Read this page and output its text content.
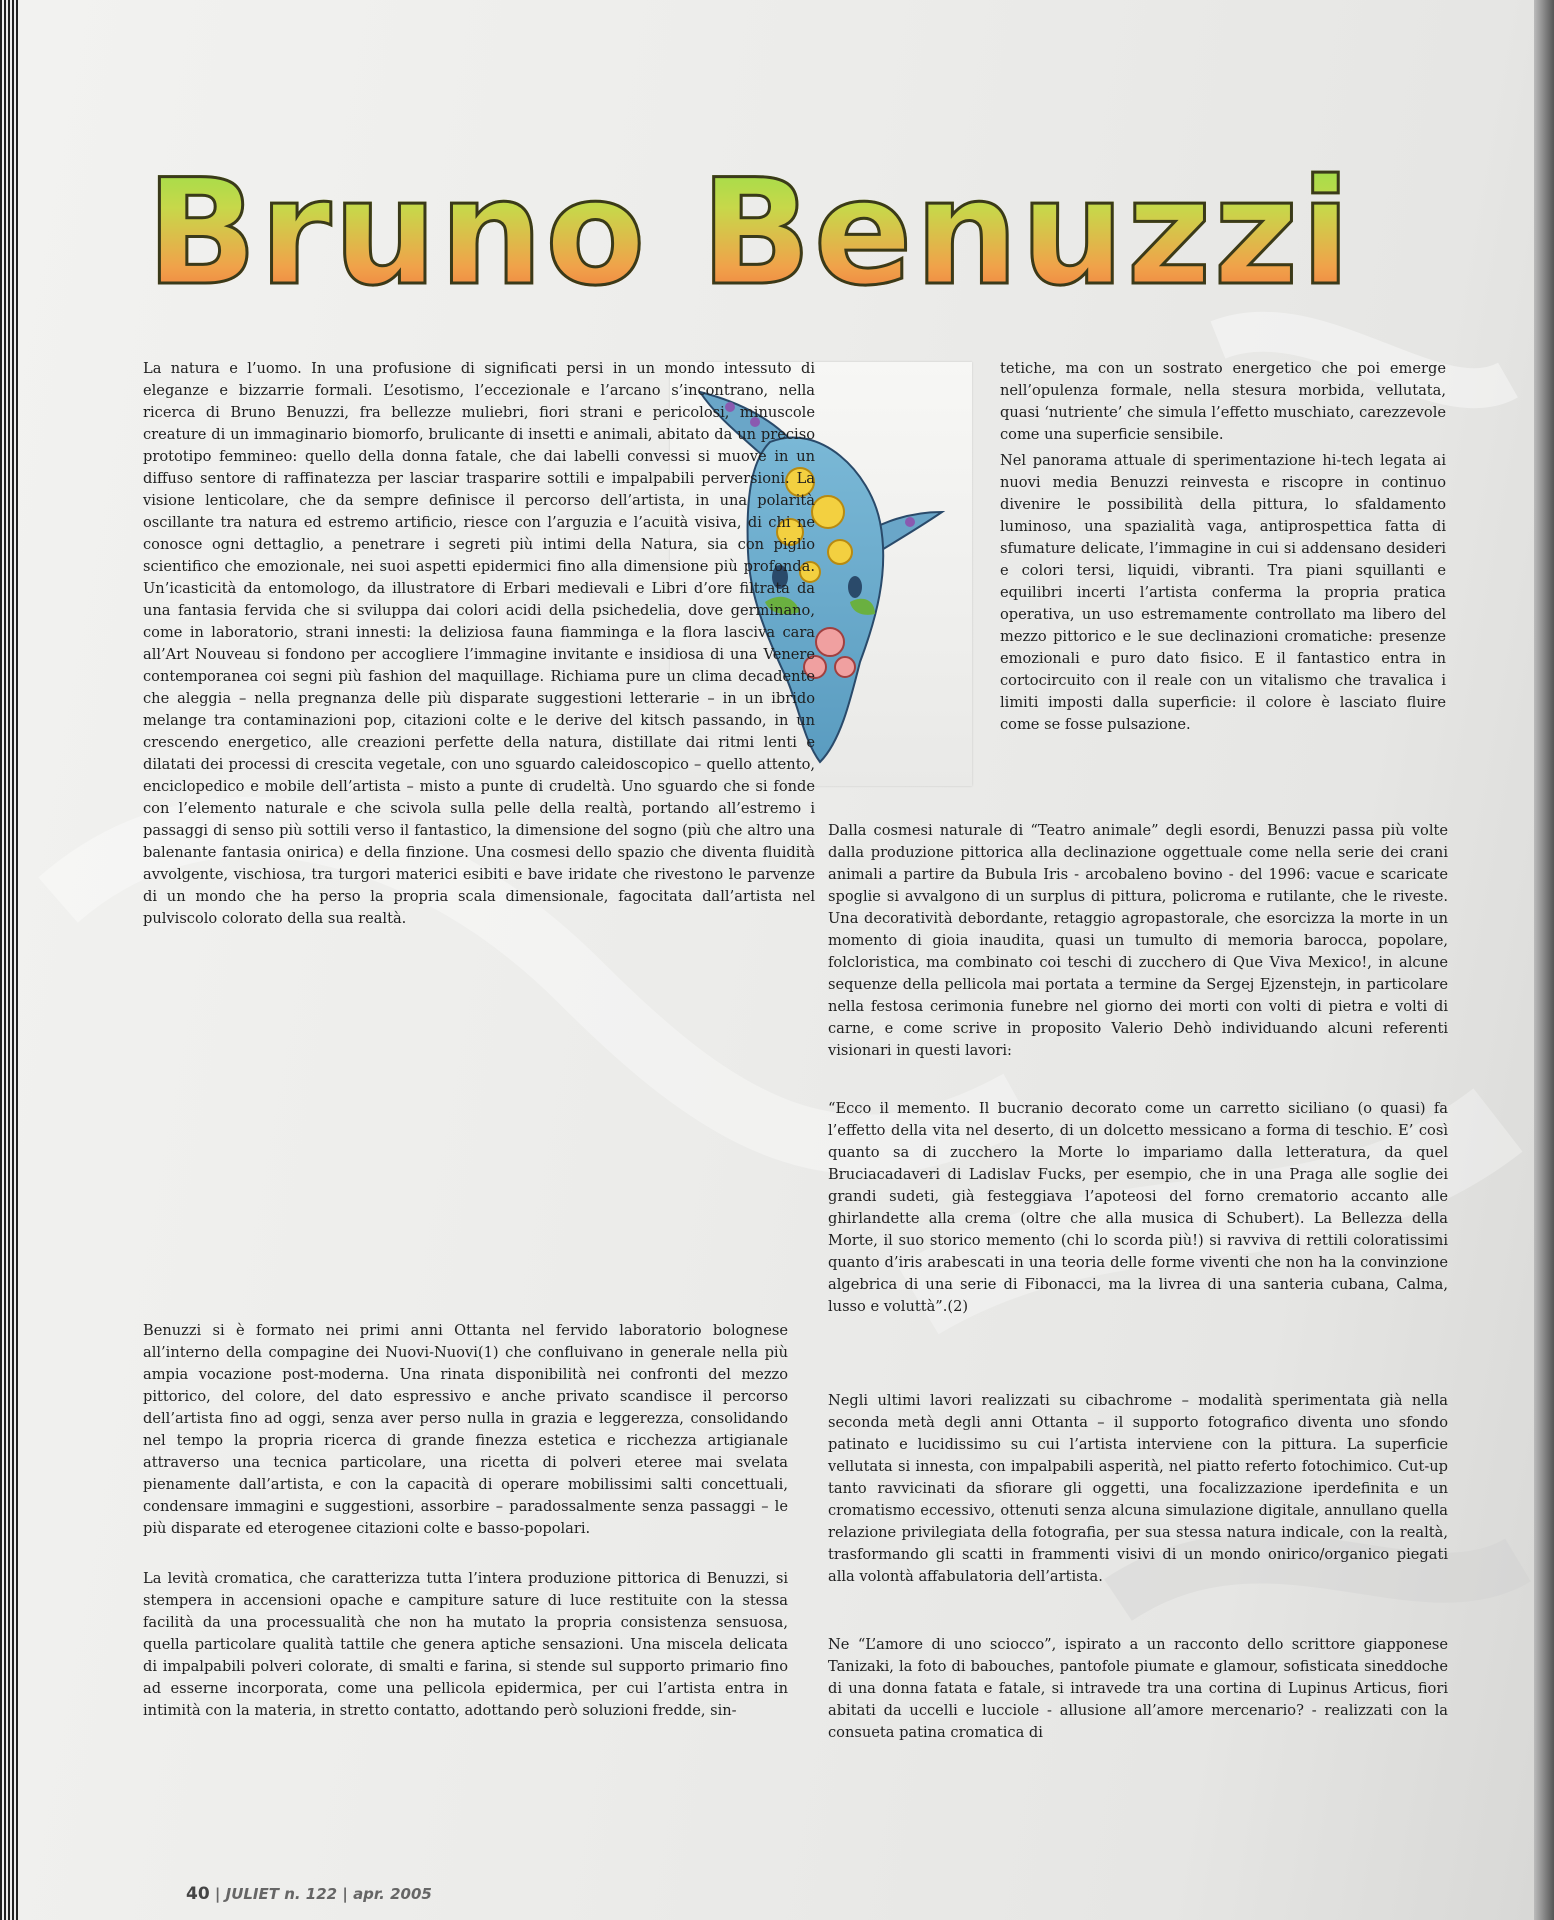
Bruno Benuzzi

La natura e l’uomo. In una profusione di significati persi in un mondo intessuto di eleganze e bizzarrie formali. L’esotismo, l’eccezionale e l’arcano s’incontrano, nella ricerca di Bruno Benuzzi, fra bellezze muliebri, fiori strani e pericolosi, minuscole creature di un immaginario biomorfo, brulicante di insetti e animali, abitato da un preciso prototipo femmineo: quello della donna fatale, che dai labelli convessi si muove in un diffuso sentore di raffinatezza per lasciar trasparire sottili e impalpabili perversioni. La visione lenticolare, che da sempre definisce il percorso dell’artista, in una polarità oscillante tra natura ed estremo artificio, riesce con l’arguzia e l’acuità visiva, di chi ne conosce ogni dettaglio, a penetrare i segreti più intimi della Natura, sia con piglio scientifico che emozionale, nei suoi aspetti epidermici fino alla dimensione più profonda. Un’icasticità da entomologo, da illustratore di Erbari medievali e Libri d’ore filtrata da una fantasia fervida che si sviluppa dai colori acidi della psichedelia, dove germinano, come in laboratorio, strani innesti: la deliziosa fauna fiamminga e la flora lasciva cara all’Art Nouveau si fondono per accogliere l’immagine invitante e insidiosa di una Venere contemporanea coi segni più fashion del maquillage. Richiama pure un clima decadente che aleggia – nella pregnanza delle più disparate suggestioni letterarie – in un ibrido melange tra contaminazioni pop, citazioni colte e le derive del kitsch passando, in un crescendo energetico, alle creazioni perfette della natura, distillate dai ritmi lenti e dilatati dei processi di crescita vegetale, con uno sguardo caleidoscopico – quello attento, enciclopedico e mobile dell’artista – misto a punte di crudeltà. Uno sguardo che si fonde con l’elemento naturale e che scivola sulla pelle della realtà, portando all’estremo i passaggi di senso più sottili verso il fantastico, la dimensione del sogno (più che altro una balenante fantasia onirica) e della finzione. Una cosmesi dello spazio che diventa fluidità avvolgente, vischiosa, tra turgori materici esibiti e bave iridate che rivestono le parvenze di un mondo che ha perso la propria scala dimensionale, fagocitata dall’artista nel pulviscolo colorato della sua realtà.

tetiche, ma con un sostrato energetico che poi emerge nell’opulenza formale, nella stesura morbida, vellutata, quasi ‘nutriente’ che simula l’effetto muschiato, carezzevole come una superficie sensibile.

40 | JULIET n. 122 | apr. 2005

Nel panorama attuale di sperimentazione hi-tech legata ai nuovi media Benuzzi reinvesta e riscopre in continuo divenire le possibilità della pittura, lo sfaldamento luminoso, una spazialità vaga, antiprospettica fatta di sfumature delicate, l’immagine in cui si addensano desideri e colori tersi, liquidi, vibranti. Tra piani squillanti e equilibri incerti l’artista conferma la propria pratica operativa, un uso estremamente controllato ma libero del mezzo pittorico e le sue declinazioni cromatiche: presenze emozionali e puro dato fisico. E il fantastico entra in cortocircuito con il reale con un vitalismo che travalica i limiti imposti dalla superficie: il colore è lasciato fluire come se fosse pulsazione.

Dalla cosmesi naturale di “Teatro animale” degli esordi, Benuzzi passa più volte dalla produzione pittorica alla declinazione oggettuale come nella serie dei crani animali a partire da Bubula Iris - arcobaleno bovino - del 1996: vacue e scaricate spoglie si avvalgono di un surplus di pittura, policroma e rutilante, che le riveste. Una decoratività debordante, retaggio agropastorale, che esorcizza la morte in un momento di gioia inaudita, quasi un tumulto di memoria barocca, popolare, folcloristica, ma combinato coi teschi di zucchero di Que Viva Mexico!, in alcune sequenze della pellicola mai portata a termine da Sergej Ejzenstejn, in particolare nella festosa cerimonia funebre nel giorno dei morti con volti di pietra e volti di carne, e come scrive in proposito Valerio Dehò individuando alcuni referenti visionari in questi lavori:

“Ecco il memento. Il bucranio decorato come un carretto siciliano (o quasi) fa l’effetto della vita nel deserto, di un dolcetto messicano a forma di teschio. E’ così quanto sa di zucchero la Morte lo impariamo dalla letteratura, da quel Bruciacadaveri di Ladislav Fucks, per esempio, che in una Praga alle soglie dei grandi sudeti, già festeggiava l’apoteosi del forno crematorio accanto alle ghirlandette alla crema (oltre che alla musica di Schubert). La Bellezza della Morte, il suo storico memento (chi lo scorda più!) si ravviva di rettili coloratissimi quanto d’iris arabescati in una teoria delle forme viventi che non ha la convinzione algebrica di una serie di Fibonacci, ma la livrea di una santeria cubana, Calma, lusso e voluttà”.(2)

Negli ultimi lavori realizzati su cibachrome – modalità sperimentata già nella seconda metà degli anni Ottanta – il supporto fotografico diventa uno sfondo patinato e lucidissimo su cui l’artista interviene con la pittura. La superficie vellutata si innesta, con impalpabili asperità, nel piatto referto fotochimico. Cut-up tanto ravvicinati da sfiorare gli oggetti, una focalizzazione iperdefinita e un cromatismo eccessivo, ottenuti senza alcuna simulazione digitale, annullano quella relazione privilegiata della fotografia, per sua stessa natura indicale, con la realtà, trasformando gli scatti in frammenti visivi di un mondo onirico/organico piegati alla volontà affabulatoria dell’artista.

Ne “L’amore di uno sciocco”, ispirato a un racconto dello scrittore giapponese Tanizaki, la foto di babouches, pantofole piumate e glamour, sofisticata sineddoche di una donna fatata e fatale, si intravede tra una cortina di Lupinus Articus, fiori abitati da uccelli e lucciole - allusione all’amore mercenario? - realizzati con la consueta patina cromatica di

Benuzzi si è formato nei primi anni Ottanta nel fervido laboratorio bolognese all’interno della compagine dei Nuovi-Nuovi(1) che confluivano in generale nella più ampia vocazione post-moderna. Una rinata disponibilità nei confronti del mezzo pittorico, del colore, del dato espressivo e anche privato scandisce il percorso dell’artista fino ad oggi, senza aver perso nulla in grazia e leggerezza, consolidando nel tempo la propria ricerca di grande finezza estetica e ricchezza artigianale attraverso una tecnica particolare, una ricetta di polveri eteree mai svelata pienamente dall’artista, e con la capacità di operare mobilissimi salti concettuali, condensare immagini e suggestioni, assorbire – paradossalmente senza passaggi – le più disparate ed eterogenee citazioni colte e basso-popolari.

La levità cromatica, che caratterizza tutta l’intera produzione pittorica di Benuzzi, si stempera in accensioni opache e campiture sature di luce restituite con la stessa facilità da una processualità che non ha mutato la propria consistenza sensuosa, quella particolare qualità tattile che genera aptiche sensazioni. Una miscela delicata di impalpabili polveri colorate, di smalti e farina, si stende sul supporto primario fino ad esserne incorporata, come una pellicola epidermica, per cui l’artista entra in intimità con la materia, in stretto contatto, adottando però soluzioni fredde, sin-
